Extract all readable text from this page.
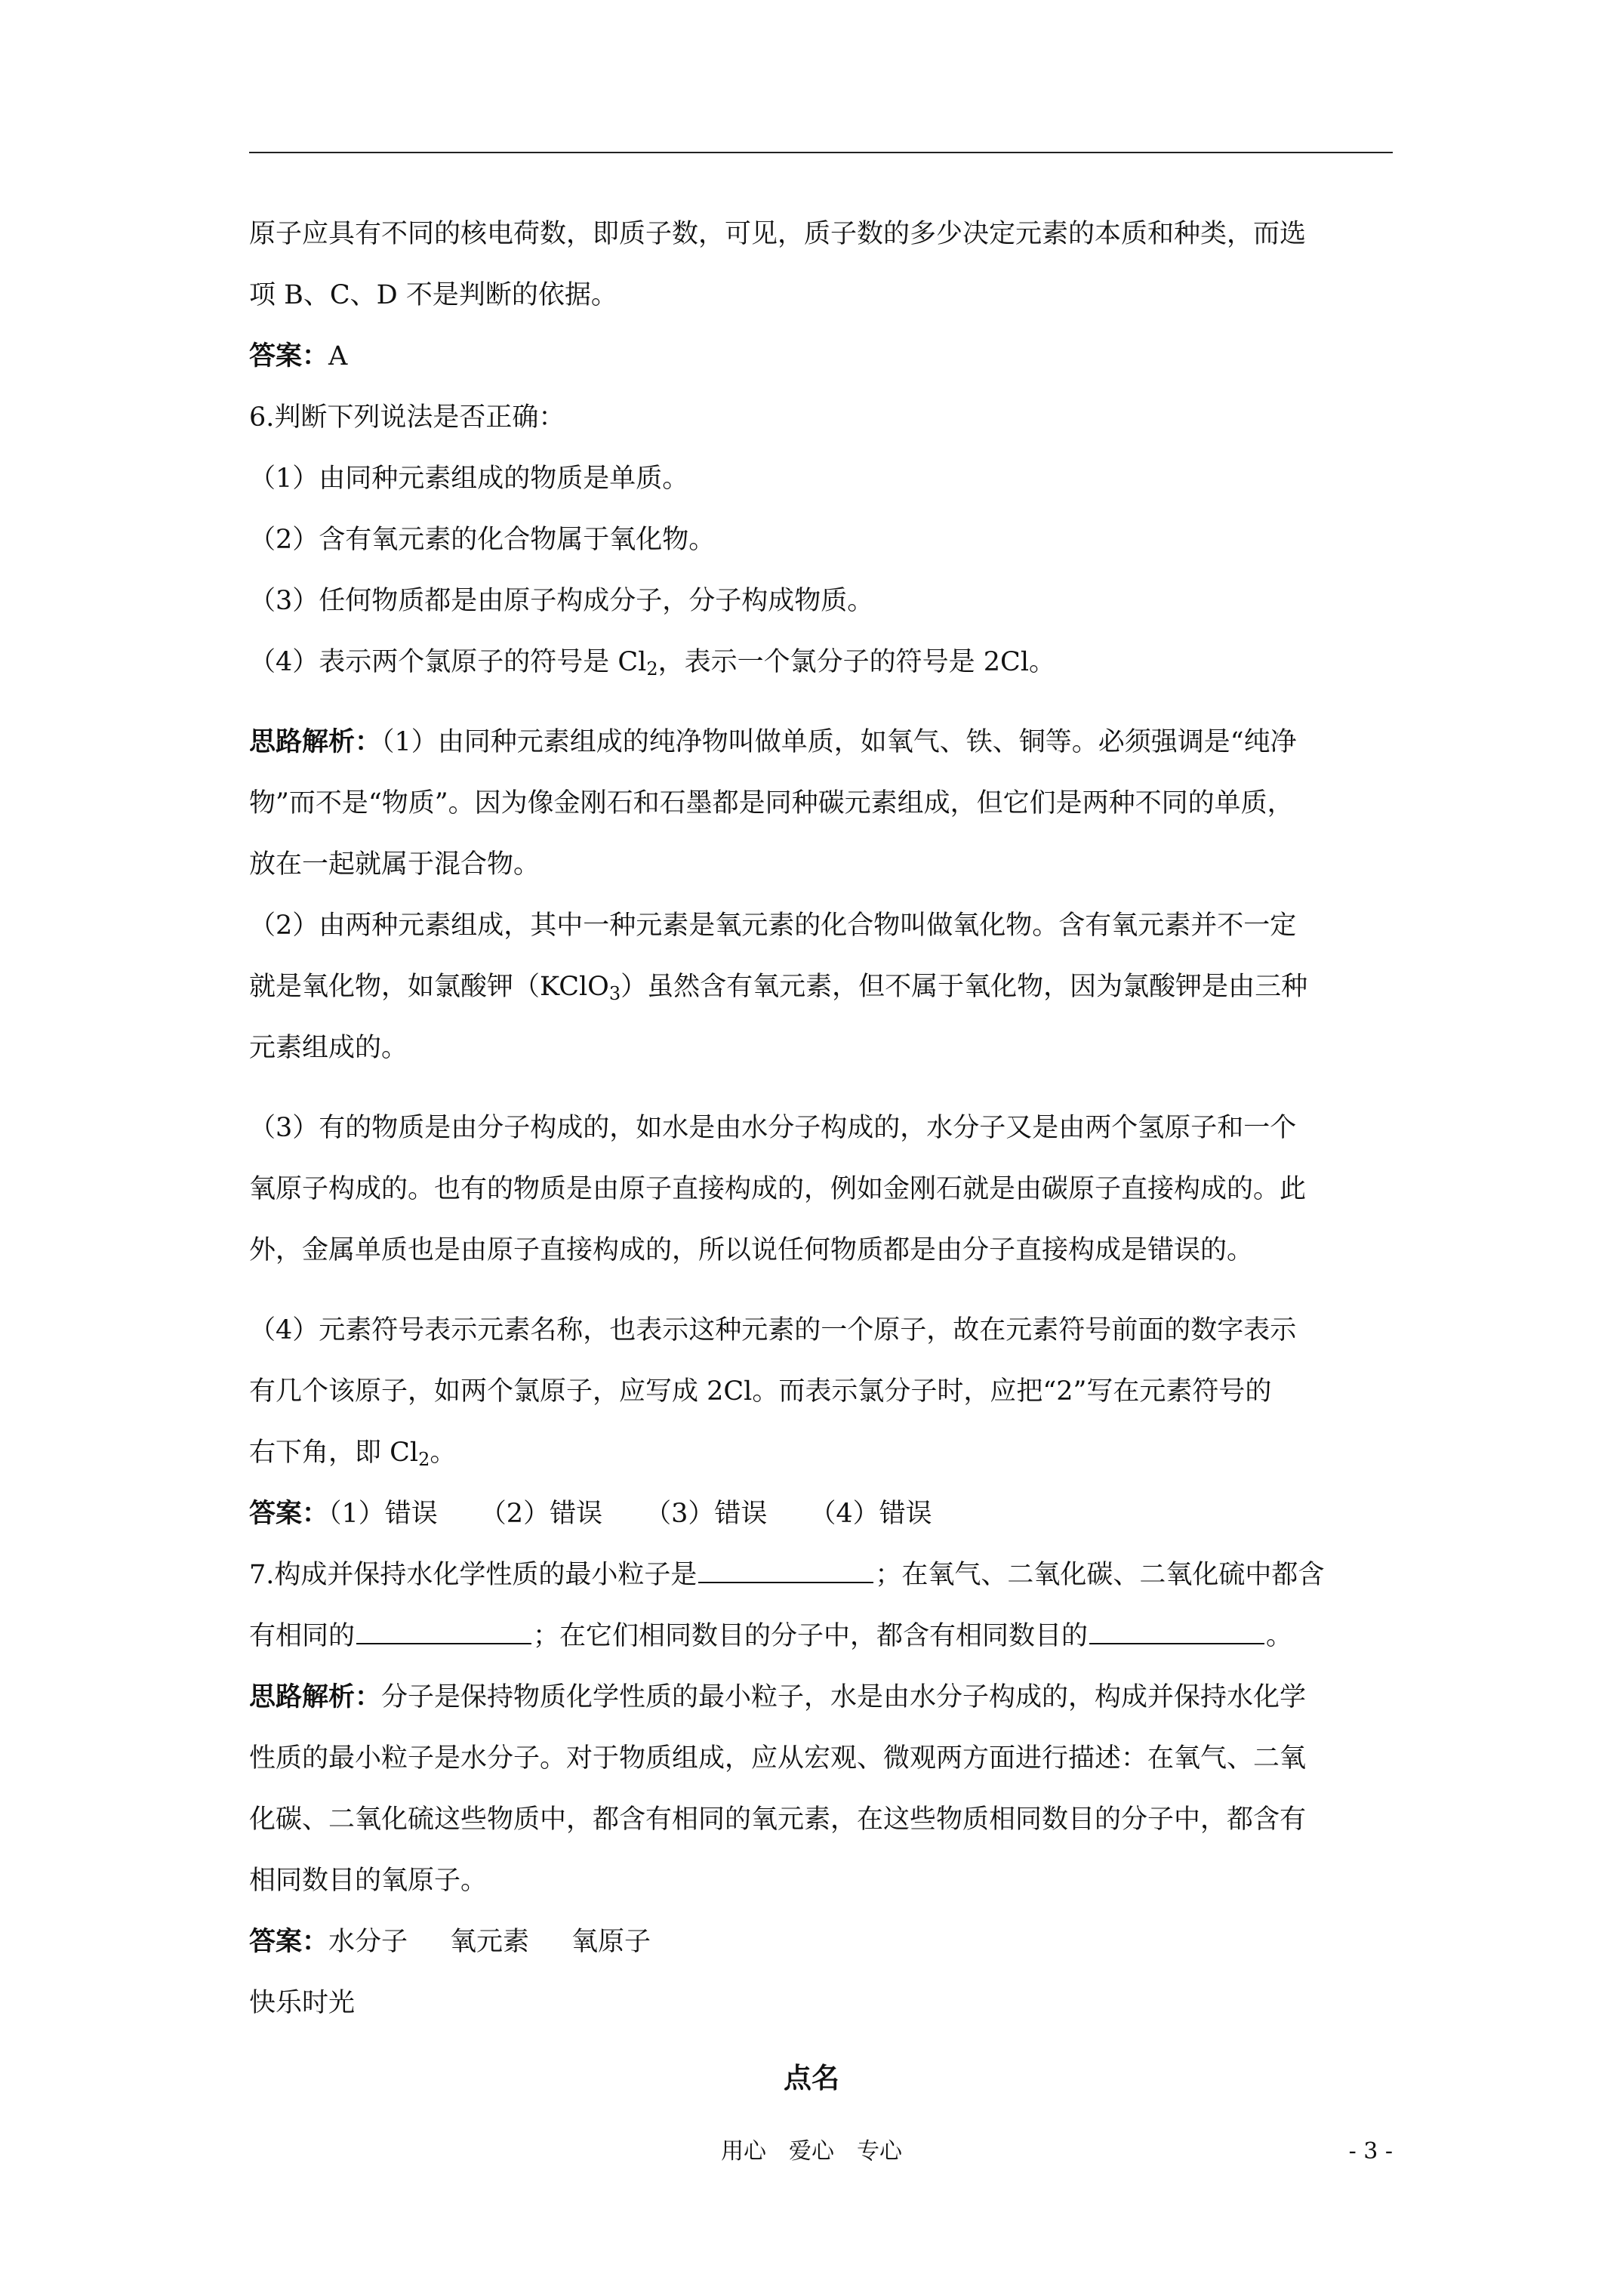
原子应具有不同的核电荷数，即质子数，可见，质子数的多少决定元素的本质和种类，而选
项 B、C、D 不是判断的依据。
答案：A
6.判断下列说法是否正确：
（1）由同种元素组成的物质是单质。
（2）含有氧元素的化合物属于氧化物。
（3）任何物质都是由原子构成分子，分子构成物质。
（4）表示两个氯原子的符号是 $Cl_2$，表示一个氯分子的符号是 2Cl。
思路解析：（1）由同种元素组成的纯净物叫做单质，如氧气、铁、铜等。必须强调是“纯净
物”而不是“物质”。因为像金刚石和石墨都是同种碳元素组成，但它们是两种不同的单质，
放在一起就属于混合物。
（2）由两种元素组成，其中一种元素是氧元素的化合物叫做氧化物。含有氧元素并不一定
就是氧化物，如氯酸钾（KClO$_3$）虽然含有氧元素，但不属于氧化物，因为氯酸钾是由三种
元素组成的。
（3）有的物质是由分子构成的，如水是由水分子构成的，水分子又是由两个氢原子和一个
氧原子构成的。也有的物质是由原子直接构成的，例如金刚石就是由碳原子直接构成的。此
外，金属单质也是由原子直接构成的，所以说任何物质都是由分子直接构成是错误的。
（4）元素符号表示元素名称，也表示这种元素的一个原子，故在元素符号前面的数字表示
有几个该原子，如两个氯原子，应写成 2Cl。而表示氯分子时，应把“2”写在元素符号的
右下角，即 $Cl_2$。
答案：（1）错误 （2）错误 （3）错误 （4）错误
7.构成并保持水化学性质的最小粒子是	；在氧气、二氧化碳、二氧化硫中都含
有相同的	；在它们相同数目的分子中，都含有相同数目的	。
思路解析：分子是保持物质化学性质的最小粒子，水是由水分子构成的，构成并保持水化学
性质的最小粒子是水分子。对于物质组成，应从宏观、微观两方面进行描述：在氧气、二氧
化碳、二氧化硫这些物质中，都含有相同的氧元素，在这些物质相同数目的分子中，都含有
相同数目的氧原子。
答案：水分子 氧元素 氧原子
快乐时光
点名
用心　爱心　专心	- 3 -
